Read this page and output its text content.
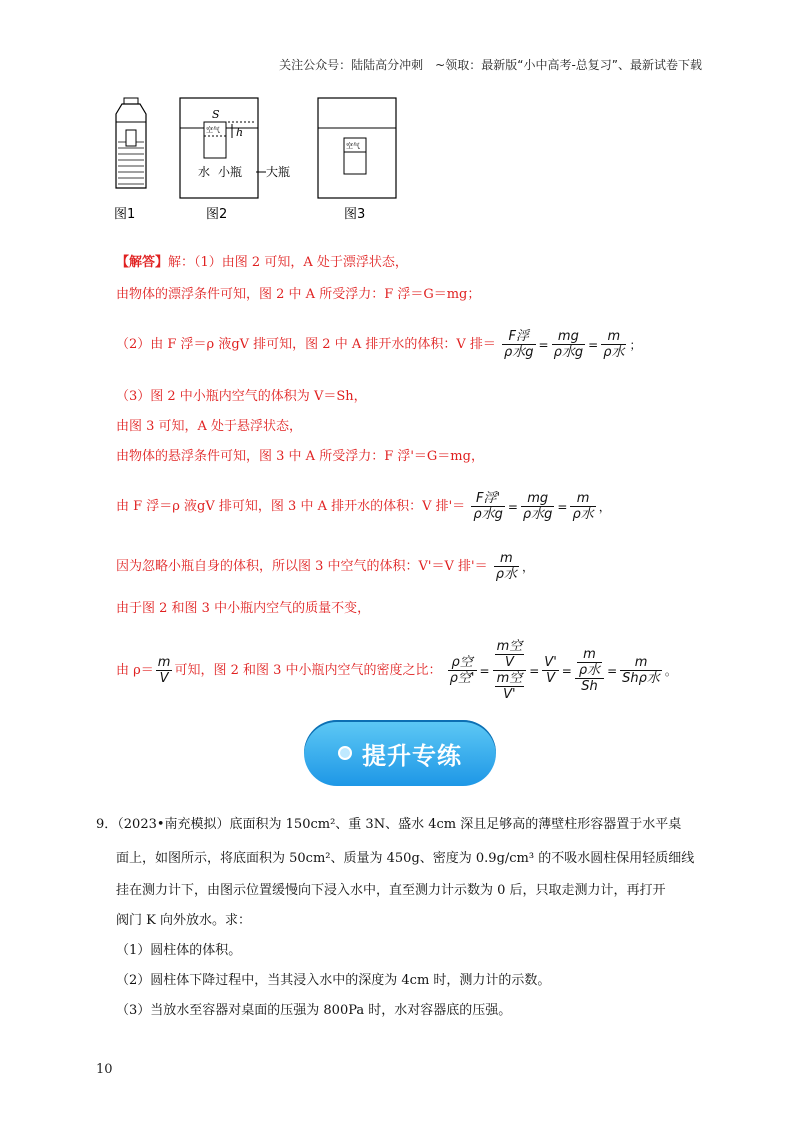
关注公众号：陆陆高分冲刺　~领取：最新版“小中高考-总复习”、最新试卷下载
图1
S
h
空气
水 小瓶 大瓶
图2
空气
图3
【解答】解：（1）由图 2 可知，A 处于漂浮状态，
由物体的漂浮条件可知，图 2 中 A 所受浮力：F 浮＝G＝mg；
（2）由 F 浮＝ρ 液gV 排可知，图 2 中 A 排开水的体积：V 排＝ $\frac{\text{F浮}}{\text{ρ水g}} = \frac{mg}{\text{ρ水g}} = \frac{m}{\text{ρ水}}$ ；
（3）图 2 中小瓶内空气的体积为 V＝Sh，
由图 3 可知，A 处于悬浮状态，
由物体的悬浮条件可知，图 3 中 A 所受浮力：F 浮'＝G＝mg，
由 F 浮＝ρ 液gV 排可知，图 3 中 A 排开水的体积：V 排'＝ $\frac{\text{F浮'}}{\text{ρ水g}} = \frac{mg}{\text{ρ水g}} = \frac{m}{\text{ρ水}}$ ，
因为忽略小瓶自身的体积，所以图 3 中空气的体积：V'＝V 排'＝ $\frac{m}{\text{ρ水}}$ ，
由于图 2 和图 3 中小瓶内空气的质量不变，
由 $\rho= \frac{m}{V}$ 可知，图 2 和图 3 中小瓶内空气的密度之比： $\frac{\text{ρ空}}{\text{ρ空'}} = \frac{\frac{\text{m空}}{V}}{\frac{\text{m空}}{V'}} = \frac{V'}{V} = \frac{\frac{m}{\text{ρ水}}}{Sh} = \frac{m}{\text{Shρ水}}$ 。
提升专练
9．（2023•南充模拟）底面积为 150cm²、重 3N、盛水 4cm 深且足够高的薄壁柱形容器置于水平桌
面上，如图所示，将底面积为 50cm²、质量为 450g、密度为 0.9g/cm³ 的不吸水圆柱保用轻质细线
挂在测力计下，由图示位置缓慢向下浸入水中，直至测力计示数为 0 后，只取走测力计，再打开
阀门 K 向外放水。求：
（1）圆柱体的体积。
（2）圆柱体下降过程中，当其浸入水中的深度为 4cm 时，测力计的示数。
（3）当放水至容器对桌面的压强为 800Pa 时，水对容器底的压强。
10
